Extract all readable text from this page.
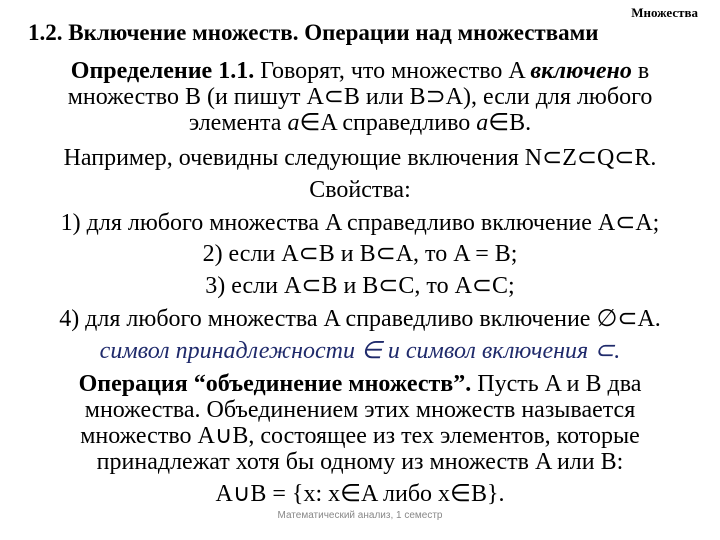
Множества
1.2. Включение множеств. Операции над множествами
Определение 1.1. Говорят, что множество A включено в
множество B (и пишут A⊂B или B⊃A), если для любого
элемента a∈A справедливо a∈B.
Например, очевидны следующие включения N⊂Z⊂Q⊂R.
Свойства:
1) для любого множества A справедливо включение A⊂A;
2) если A⊂B и B⊂A, то A = B;
3) если A⊂B и B⊂C, то A⊂C;
4) для любого множества A справедливо включение ∅⊂A.
символ принадлежности ∈ и символ включения ⊂.
Операция “объединение множеств”. Пусть A и B два
множества. Объединением этих множеств называется
множество A∪B, состоящее из тех элементов, которые
принадлежат хотя бы одному из множеств A или B:
A∪B = {x: x∈A либо x∈B}.
Математический анализ, 1 семестр
